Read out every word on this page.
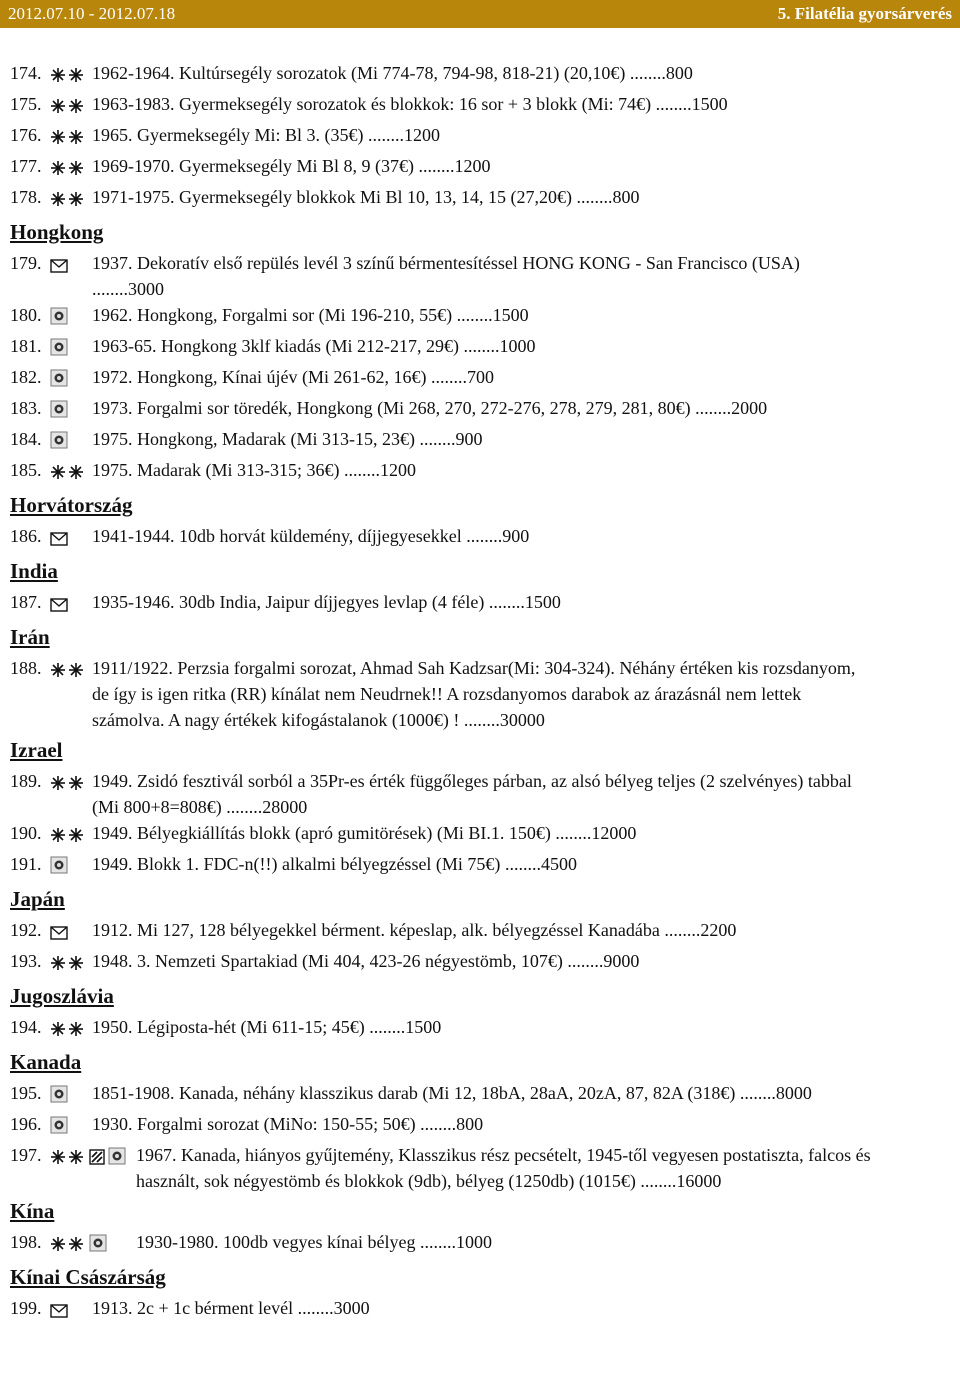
2012.07.10 - 2012.07.18	5. Filatélia gyorsárverés
174.	1962-1964. Kultúrsegély sorozatok (Mi 774-78, 794-98, 818-21) (20,10€) ........800
175.	1963-1983. Gyermeksegély sorozatok és blokkok: 16 sor + 3 blokk (Mi: 74€) ........1500
176.	1965. Gyermeksegély Mi: Bl 3. (35€) ........1200
177.	1969-1970. Gyermeksegély Mi Bl 8, 9 (37€) ........1200
178.	1971-1975. Gyermeksegély blokkok Mi Bl 10, 13, 14, 15 (27,20€) ........800
Hongkong
179.	1937. Dekoratív első repülés levél 3 színű bérmentesítéssel HONG KONG - San Francisco (USA) ........3000
180.	1962. Hongkong, Forgalmi sor (Mi 196-210, 55€) ........1500
181.	1963-65. Hongkong 3klf kiadás (Mi 212-217, 29€) ........1000
182.	1972. Hongkong, Kínai újév (Mi 261-62, 16€) ........700
183.	1973. Forgalmi sor töredék, Hongkong (Mi 268, 270, 272-276, 278, 279, 281, 80€) ........2000
184.	1975. Hongkong, Madarak (Mi 313-15, 23€) ........900
185.	1975. Madarak (Mi 313-315; 36€) ........1200
Horvátország
186.	1941-1944. 10db horvát küldemény, díjjegyesekkel ........900
India
187.	1935-1946. 30db India, Jaipur díjjegyes levlap (4 féle) ........1500
Irán
188.	1911/1922. Perzsia forgalmi sorozat, Ahmad Sah Kadzsar(Mi: 304-324). Néhány értéken kis rozsdanyom, de így is igen ritka (RR) kínálat nem Neudrnek!! A rozsdanyomos darabok az árazásnál nem lettek számolva. A nagy értékek kifogástalanok (1000€) ! ........30000
Izrael
189.	1949. Zsidó fesztivál sorból a 35Pr-es érték függőleges párban, az alsó bélyeg teljes (2 szelvényes) tabbal (Mi 800+8=808€) ........28000
190.	1949. Bélyegkiállítás blokk (apró gumitörések) (Mi BI.1. 150€) ........12000
191.	1949. Blokk 1. FDC-n(!!) alkalmi bélyegzéssel (Mi 75€) ........4500
Japán
192.	1912. Mi 127, 128 bélyegekkel bérment. képeslap, alk. bélyegzéssel Kanadába ........2200
193.	1948. 3. Nemzeti Spartakiad (Mi 404, 423-26 négyestömb, 107€) ........9000
Jugoszlávia
194.	1950. Légiposta-hét (Mi 611-15; 45€) ........1500
Kanada
195.	1851-1908. Kanada, néhány klasszikus darab (Mi 12, 18bA, 28aA, 20zA, 87, 82A (318€) ........8000
196.	1930. Forgalmi sorozat (MiNo: 150-55; 50€) ........800
197.	1967. Kanada, hiányos gyűjtemény, Klasszikus rész pecsételt, 1945-től vegyesen postatiszta, falcos és használt, sok négyestömb és blokkok (9db), bélyeg (1250db) (1015€) ........16000
Kína
198.	1930-1980. 100db vegyes kínai bélyeg ........1000
Kínai Császárság
199.	1913. 2c + 1c bérment levél ........3000
